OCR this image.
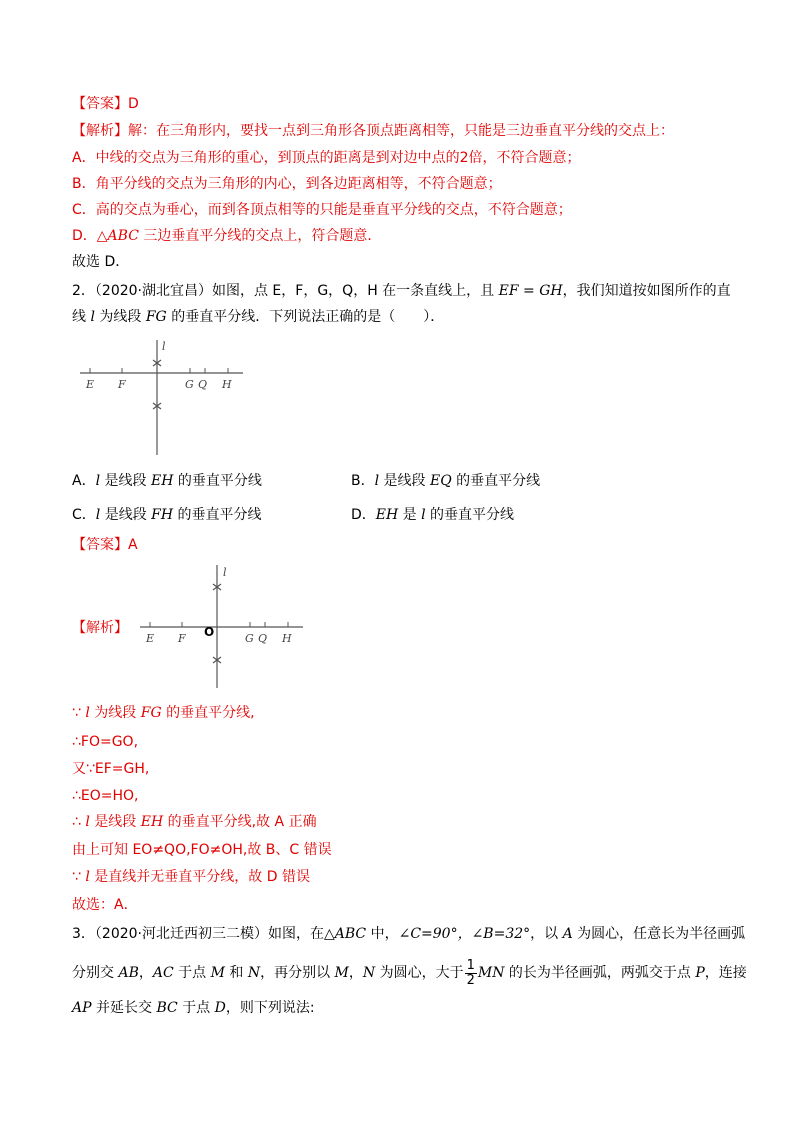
【答案】D
【解析】解：在三角形内，要找一点到三角形各顶点距离相等，只能是三边垂直平分线的交点上：
A．中线的交点为三角形的重心，到顶点的距离是到对边中点的2倍，不符合题意；
B．角平分线的交点为三角形的内心，到各边距离相等，不符合题意；
C．高的交点为垂心，而到各顶点相等的只能是垂直平分线的交点，不符合题意；
D．△ABC 三边垂直平分线的交点上，符合题意．
故选 D．
2．（2020·湖北宜昌）如图，点 E，F，G，Q，H 在一条直线上，且 EF = GH，我们知道按如图所作的直
线 l 为线段 FG 的垂直平分线．下列说法正确的是（　　）．
l
E F	G Q H
A．l 是线段 EH 的垂直平分线	B．l 是线段 EQ 的垂直平分线
C．l 是线段 FH 的垂直平分线	D．EH 是 l 的垂直平分线
【答案】A
【解析】
l
E F O	G Q H
∵ l 为线段 FG 的垂直平分线,
∴FO=GO,
又∵EF=GH,
∴EO=HO,
∴ l 是线段 EH 的垂直平分线,故 A 正确
由上可知 EO≠QO,FO≠OH,故 B、C 错误
∵ l 是直线并无垂直平分线，故 D 错误
故选：A．
3．（2020·河北迁西初三二模）如图，在△ABC 中，∠C=90°，∠B=32°，以 A 为圆心，任意长为半径画弧
分别交 AB，AC 于点 M 和 N，再分别以 M，N 为圆心，大于 $\frac{1}{2}$ MN 的长为半径画弧，两弧交于点 P，连接
AP 并延长交 BC 于点 D，则下列说法:
